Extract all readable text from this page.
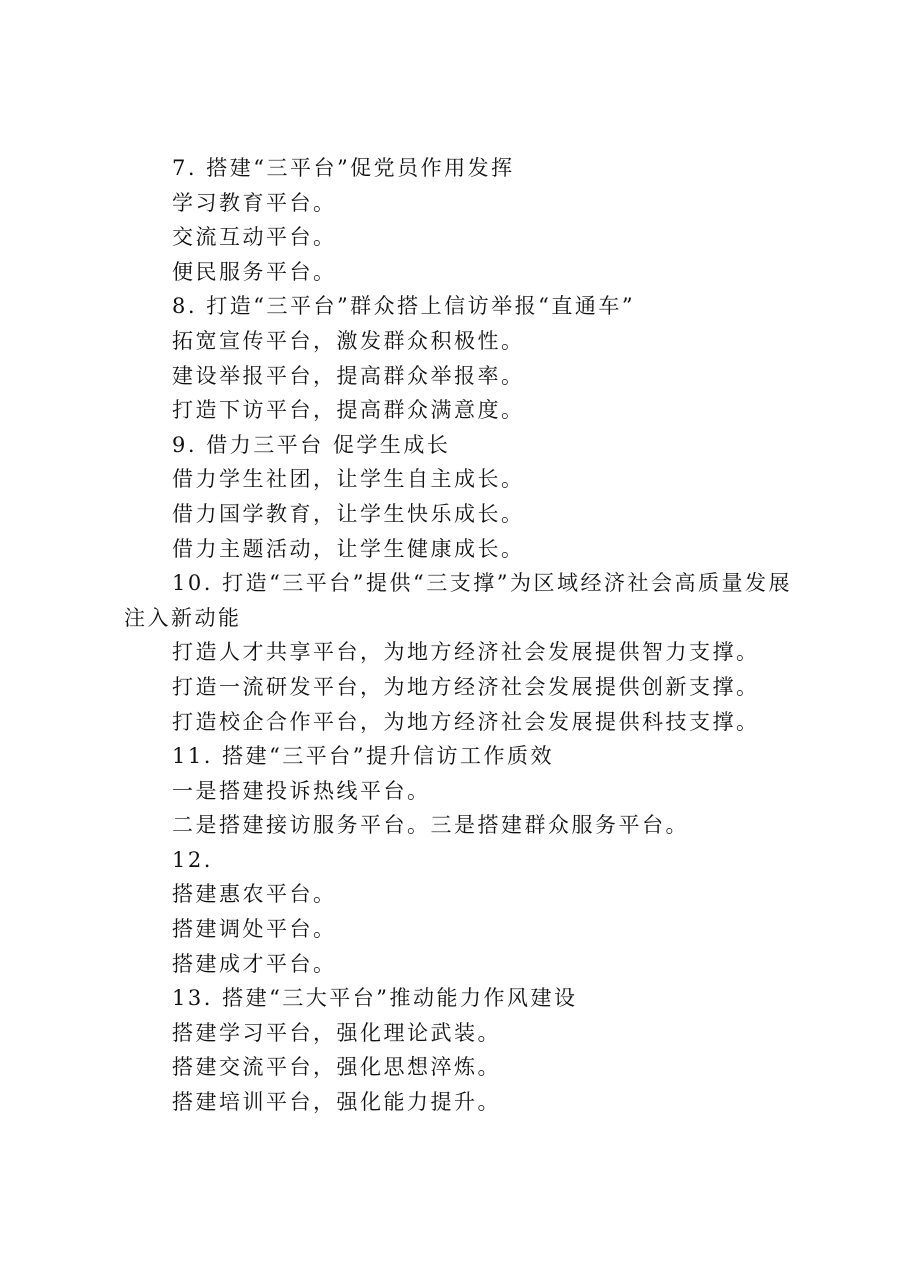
7. 搭建“三平台”促党员作用发挥

学习教育平台。

交流互动平台。

便民服务平台。

8. 打造“三平台”群众搭上信访举报“直通车”

拓宽宣传平台，激发群众积极性。

建设举报平台，提高群众举报率。

打造下访平台，提高群众满意度。

9. 借力三平台 促学生成长

借力学生社团，让学生自主成长。

借力国学教育，让学生快乐成长。

借力主题活动，让学生健康成长。

10. 打造“三平台”提供“三支撑”为区域经济社会高质量发展注入新动能

打造人才共享平台，为地方经济社会发展提供智力支撑。

打造一流研发平台，为地方经济社会发展提供创新支撑。

打造校企合作平台，为地方经济社会发展提供科技支撑。

11. 搭建“三平台”提升信访工作质效

一是搭建投诉热线平台。

二是搭建接访服务平台。三是搭建群众服务平台。

12.

搭建惠农平台。

搭建调处平台。

搭建成才平台。

13. 搭建“三大平台”推动能力作风建设

搭建学习平台，强化理论武装。

搭建交流平台，强化思想淬炼。

搭建培训平台，强化能力提升。
